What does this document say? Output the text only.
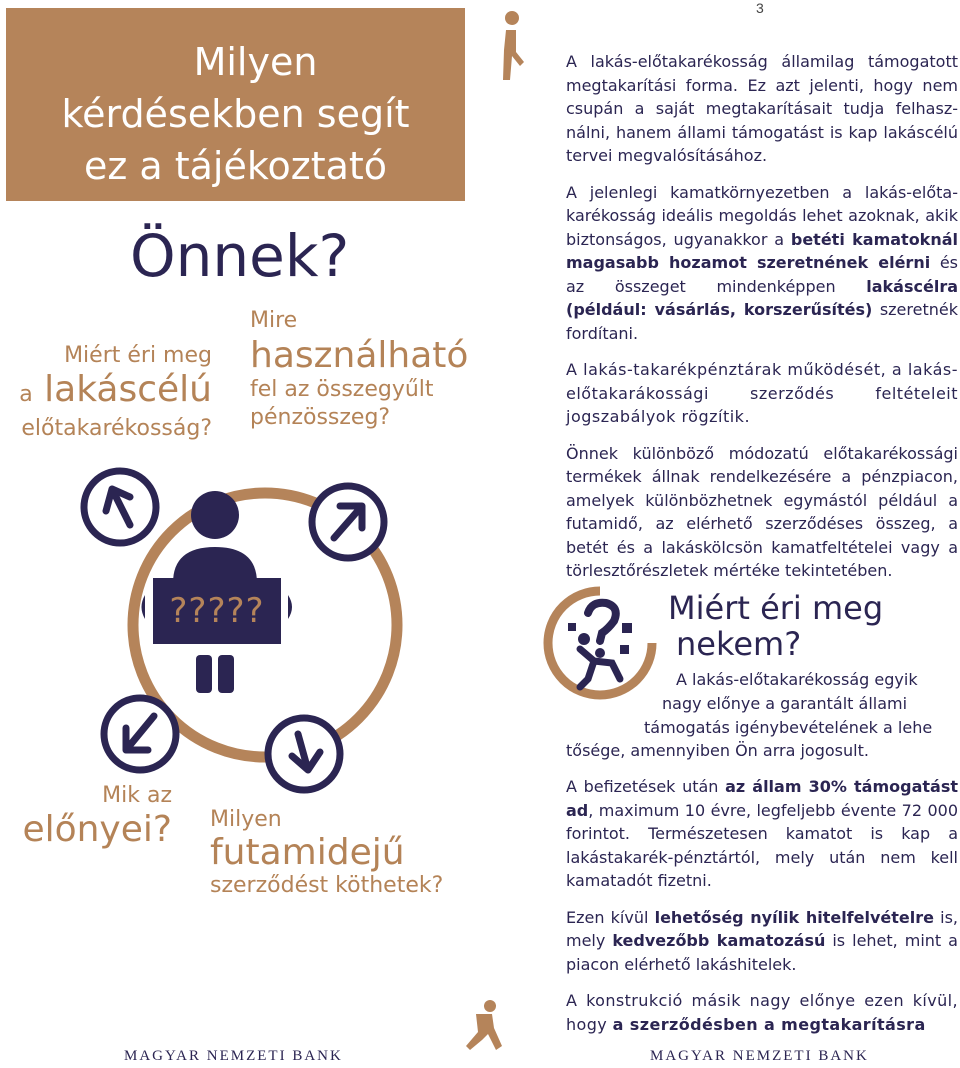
3
Milyen
kérdésekben segít
ez a tájékoztató
Önnek?
Miért éri meg
a lakáscélú
előtakarékosság?
Mire
használható
fel az összegyűlt
pénzösszeg?
?????
Mik az
előnyei? Milyen
futamidejű
szerződést köthetek?

A lakás-előtakarékosság államilag támogatott megtakarítási forma. Ez azt jelenti, hogy nem csupán a saját megtakarításait tudja felhasználni, hanem állami támogatást is kap lakáscélú tervei megvalósításához.

A jelenlegi kamatkörnyezetben a lakás-előtakarékosság ideális megoldás lehet azoknak, akik biztonságos, ugyanakkor a betéti kamatoknál magasabb hozamot szeretnének elérni és az összeget mindenképpen lakáscélra (például: vásárlás, korszerűsítés) szeretnék fordítani.

A lakás-takarékpénztárak működését, a lakás-előtakarákossági szerződés feltételeit jogszabályok rögzítik.

Önnek különböző módozatú előtakarékossági termékek állnak rendelkezésére a pénzpiacon, amelyek különbözhetnek egymástól például a futamidő, az elérhető szerződéses összeg, a betét és a lakáskölcsön kamatfeltételei vagy a törlesztőrészletek mértéke tekintetében.

Miért éri meg
nekem?
A lakás-előtakarékosság egyik
nagy előnye a garantált állami
támogatás igénybevételének a lehe
tősége, amennyiben Ön arra jogosult.

A befizetések után az állam 30% támogatást ad, maximum 10 évre, legfeljebb évente 72 000 forintot. Természetesen kamatot is kap a lakástakarék-pénztártól, mely után nem kell kamatadót fizetni.

Ezen kívül lehetőség nyílik hitelfelvételre is, mely kedvezőbb kamatozású is lehet, mint a piacon elérhető lakáshitelek.

A konstrukció másik nagy előnye ezen kívül, hogy a szerződésben a megtakarításra

MAGYAR NEMZETI BANK	MAGYAR NEMZETI BANK
